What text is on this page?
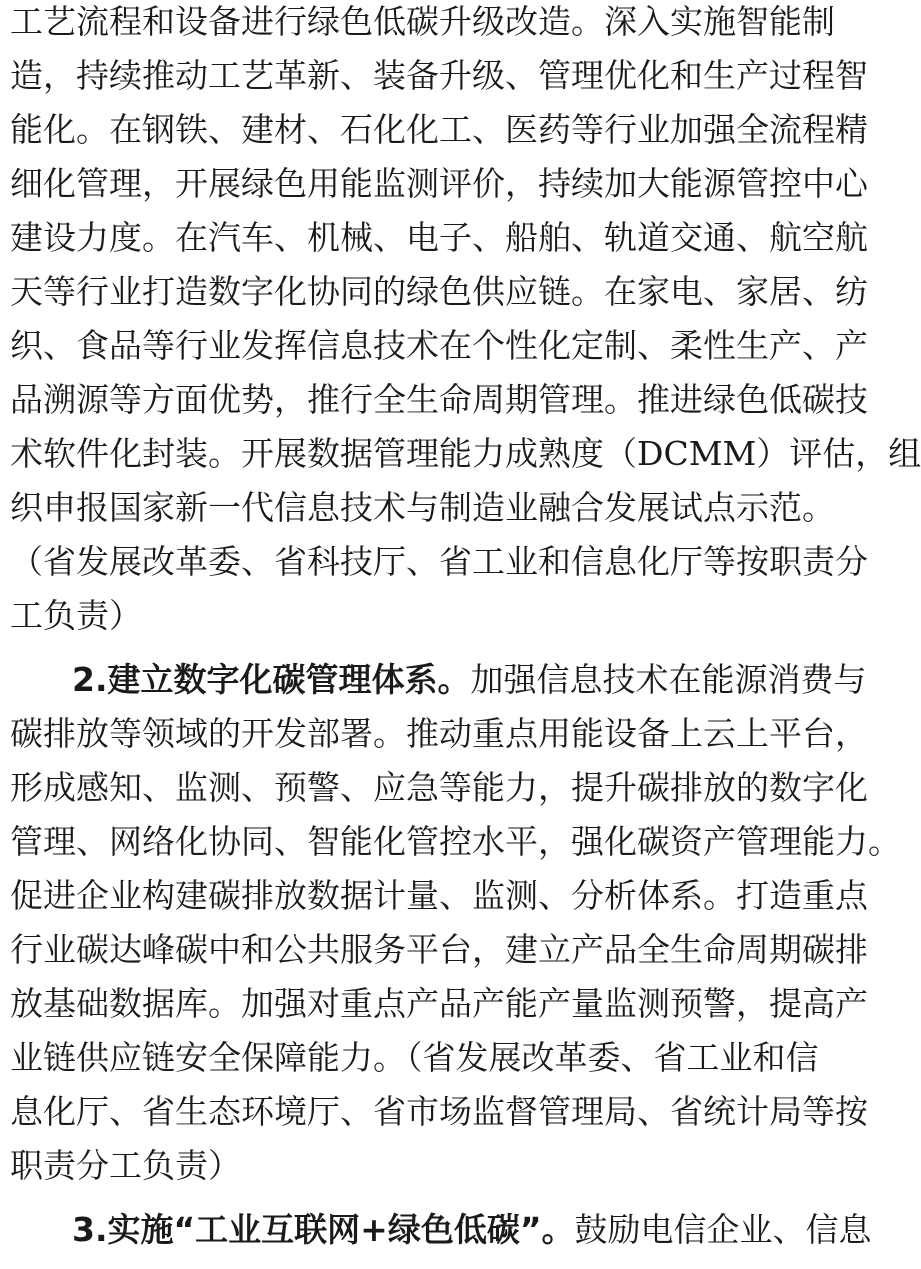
工艺流程和设备进行绿色低碳升级改造。深入实施智能制
造，持续推动工艺革新、装备升级、管理优化和生产过程智
能化。在钢铁、建材、石化化工、医药等行业加强全流程精
细化管理，开展绿色用能监测评价，持续加大能源管控中心
建设力度。在汽车、机械、电子、船舶、轨道交通、航空航
天等行业打造数字化协同的绿色供应链。在家电、家居、纺
织、食品等行业发挥信息技术在个性化定制、柔性生产、产
品溯源等方面优势，推行全生命周期管理。推进绿色低碳技
术软件化封装。开展数据管理能力成熟度（DCMM）评估，组
织申报国家新一代信息技术与制造业融合发展试点示范。
（省发展改革委、省科技厅、省工业和信息化厅等按职责分
工负责）
2.建立数字化碳管理体系。加强信息技术在能源消费与
碳排放等领域的开发部署。推动重点用能设备上云上平台，
形成感知、监测、预警、应急等能力，提升碳排放的数字化
管理、网络化协同、智能化管控水平，强化碳资产管理能力。
促进企业构建碳排放数据计量、监测、分析体系。打造重点
行业碳达峰碳中和公共服务平台，建立产品全生命周期碳排
放基础数据库。加强对重点产品产能产量监测预警，提高产
业链供应链安全保障能力。（省发展改革委、省工业和信
息化厅、省生态环境厅、省市场监督管理局、省统计局等按
职责分工负责）
3.实施“工业互联网+绿色低碳”。鼓励电信企业、信息
